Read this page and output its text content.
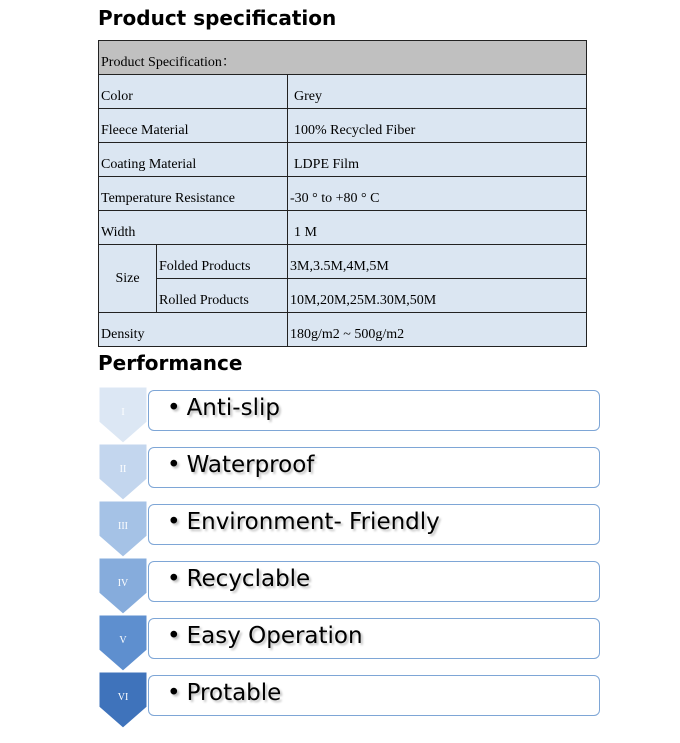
Product specification
Product Specification：		
Color		Grey
Fleece Material		100% Recycled Fiber
Coating Material		LDPE Film
Temperature Resistance		-30 ° to +80 ° C
Width		1 M
Size	Folded Products	3M,3.5M,4M,5M
	Rolled Products	10M,20M,25M.30M,50M
Density		180g/m2 ~ 500g/m2
Performance
I	• Anti-slip
II	• Waterproof
III	• Environment- Friendly
IV	• Recyclable
V	• Easy Operation
VI	• Protable
